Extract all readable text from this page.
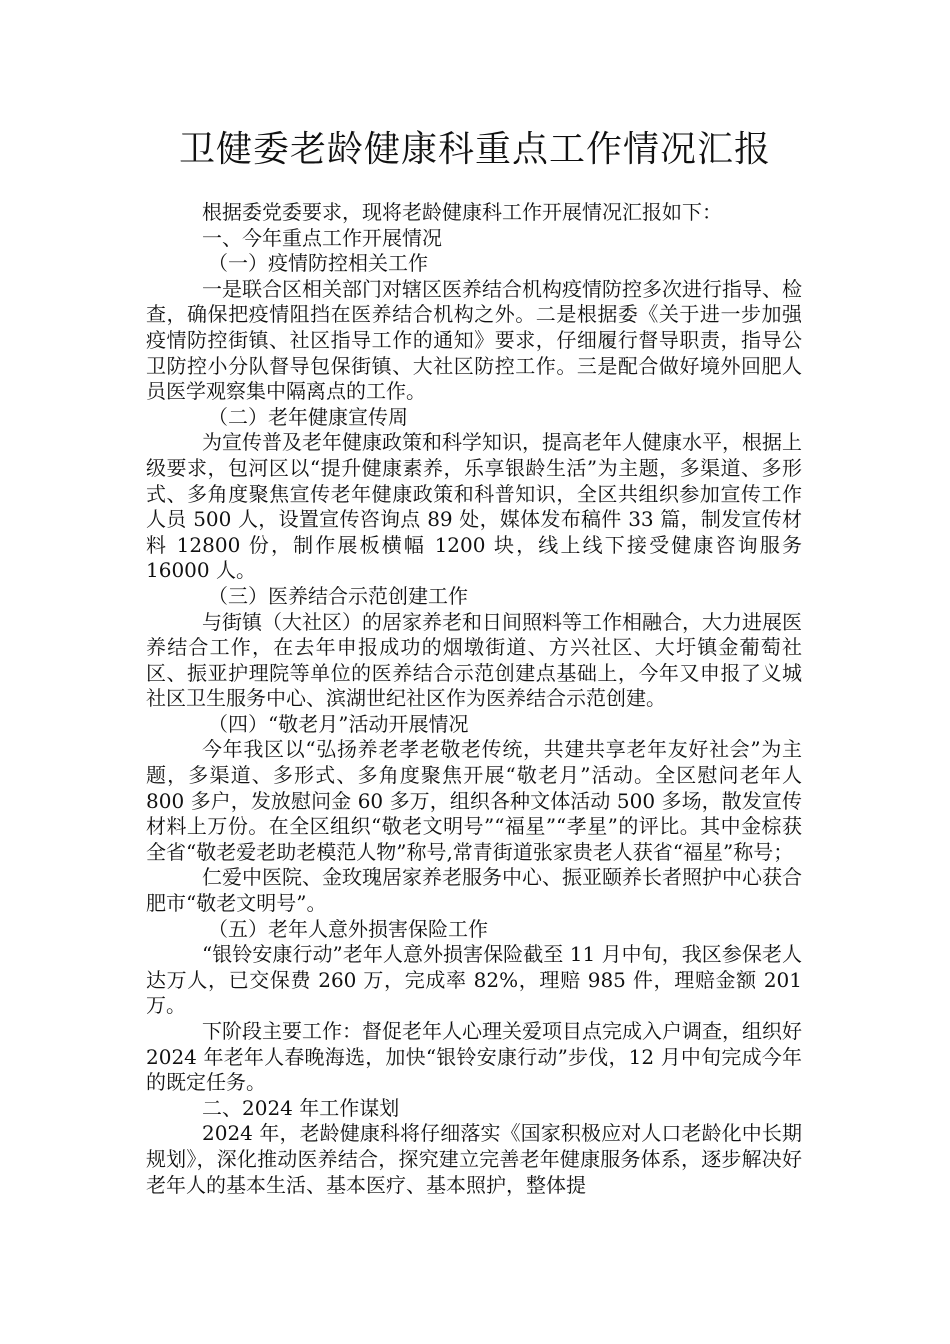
卫健委老龄健康科重点工作情况汇报

根据委党委要求，现将老龄健康科工作开展情况汇报如下：

一、今年重点工作开展情况

（一）疫情防控相关工作

一是联合区相关部门对辖区医养结合机构疫情防控多次进行指导、检查，确保把疫情阻挡在医养结合机构之外。二是根据委《关于进一步加强疫情防控街镇、社区指导工作的通知》要求，仔细履行督导职责，指导公卫防控小分队督导包保街镇、大社区防控工作。三是配合做好境外回肥人员医学观察集中隔离点的工作。

（二）老年健康宣传周

为宣传普及老年健康政策和科学知识，提高老年人健康水平，根据上级要求，包河区以“提升健康素养，乐享银龄生活”为主题，多渠道、多形式、多角度聚焦宣传老年健康政策和科普知识，全区共组织参加宣传工作人员 500 人，设置宣传咨询点 89 处，媒体发布稿件 33 篇，制发宣传材料 12800 份，制作展板横幅 1200 块，线上线下接受健康咨询服务 16000 人。

（三）医养结合示范创建工作

与街镇（大社区）的居家养老和日间照料等工作相融合，大力进展医养结合工作，在去年申报成功的烟墩街道、方兴社区、大圩镇金葡萄社区、振亚护理院等单位的医养结合示范创建点基础上，今年又申报了义城社区卫生服务中心、滨湖世纪社区作为医养结合示范创建。

（四）“敬老月”活动开展情况

今年我区以“弘扬养老孝老敬老传统，共建共享老年友好社会”为主题，多渠道、多形式、多角度聚焦开展“敬老月”活动。全区慰问老年人 800 多户，发放慰问金 60 多万，组织各种文体活动 500 多场，散发宣传材料上万份。在全区组织“敬老文明号”“福星”“孝星”的评比。其中金棕获全省“敬老爱老助老模范人物”称号,常青街道张家贵老人获省“福星”称号；

仁爱中医院、金玫瑰居家养老服务中心、振亚颐养长者照护中心获合肥市“敬老文明号”。

（五）老年人意外损害保险工作

“银铃安康行动”老年人意外损害保险截至 11 月中旬，我区参保老人达万人，已交保费 260 万，完成率 82%，理赔 985 件，理赔金额 201 万。

下阶段主要工作：督促老年人心理关爱项目点完成入户调查，组织好 2024 年老年人春晚海选，加快“银铃安康行动”步伐，12 月中旬完成今年的既定任务。

二、2024 年工作谋划

2024 年，老龄健康科将仔细落实《国家积极应对人口老龄化中长期规划》，深化推动医养结合，探究建立完善老年健康服务体系，逐步解决好老年人的基本生活、基本医疗、基本照护，整体提
